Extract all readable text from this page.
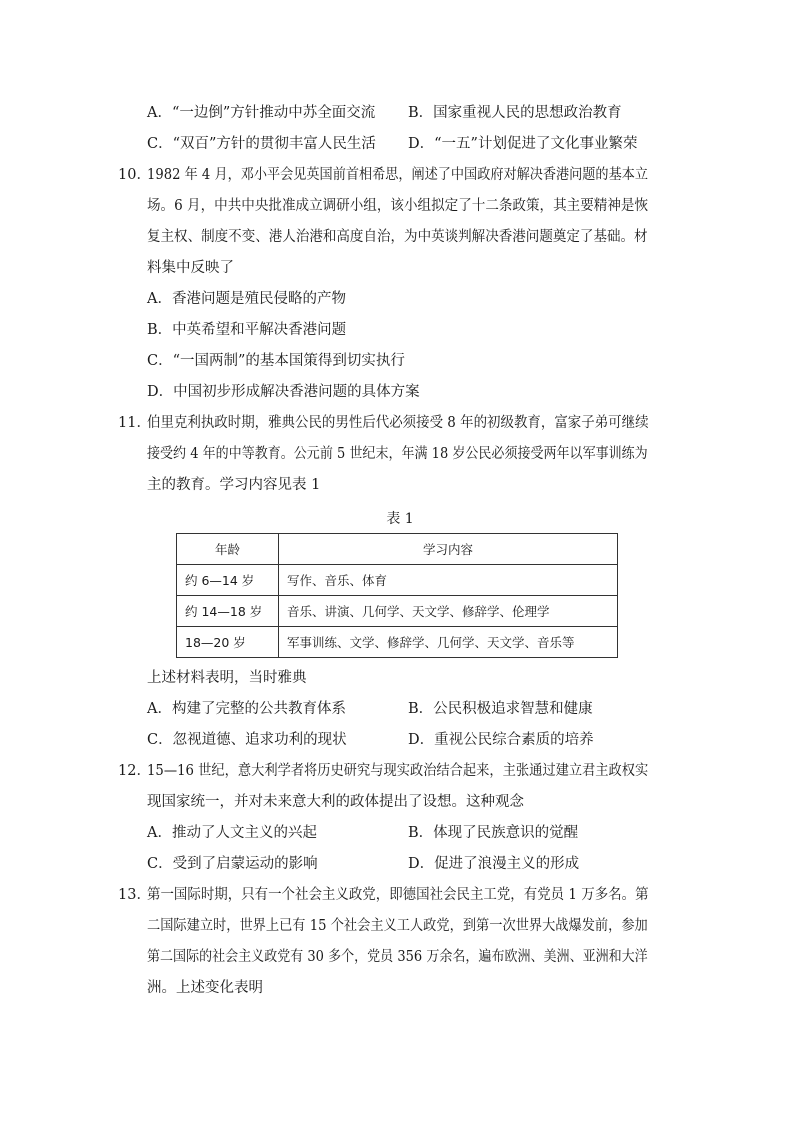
A．“一边倒”方针推动中苏全面交流 B．国家重视人民的思想政治教育
C．“双百”方针的贯彻丰富人民生活 D．“一五”计划促进了文化事业繁荣
10．
1982 年 4 月，邓小平会见英国前首相希思，阐述了中国政府对解决香港问题的基本立
场。6 月，中共中央批准成立调研小组，该小组拟定了十二条政策，其主要精神是恢
复主权、制度不变、港人治港和高度自治，为中英谈判解决香港问题奠定了基础。材
料集中反映了
A．香港问题是殖民侵略的产物
B．中英希望和平解决香港问题
C．“一国两制”的基本国策得到切实执行
D．中国初步形成解决香港问题的具体方案
11．
伯里克利执政时期，雅典公民的男性后代必须接受 8 年的初级教育，富家子弟可继续
接受约 4 年的中等教育。公元前 5 世纪末，年满 18 岁公民必须接受两年以军事训练为
主的教育。学习内容见表 1
表 1
年龄	学习内容
约 6—14 岁	写作、音乐、体育
约 14—18 岁	音乐、讲演、几何学、天文学、修辞学、伦理学
18—20 岁	军事训练、文学、修辞学、几何学、天文学、音乐等
上述材料表明，当时雅典
A．构建了完整的公共教育体系	B．公民积极追求智慧和健康
C．忽视道德、追求功利的现状	D．重视公民综合素质的培养
12．
15—16 世纪，意大利学者将历史研究与现实政治结合起来，主张通过建立君主政权实
现国家统一，并对未来意大利的政体提出了设想。这种观念
A．推动了人文主义的兴起	B．体现了民族意识的觉醒
C．受到了启蒙运动的影响	D．促进了浪漫主义的形成
13．
第一国际时期，只有一个社会主义政党，即德国社会民主工党，有党员 1 万多名。第
二国际建立时，世界上已有 15 个社会主义工人政党，到第一次世界大战爆发前，参加
第二国际的社会主义政党有 30 多个，党员 356 万余名，遍布欧洲、美洲、亚洲和大洋
洲。上述变化表明
